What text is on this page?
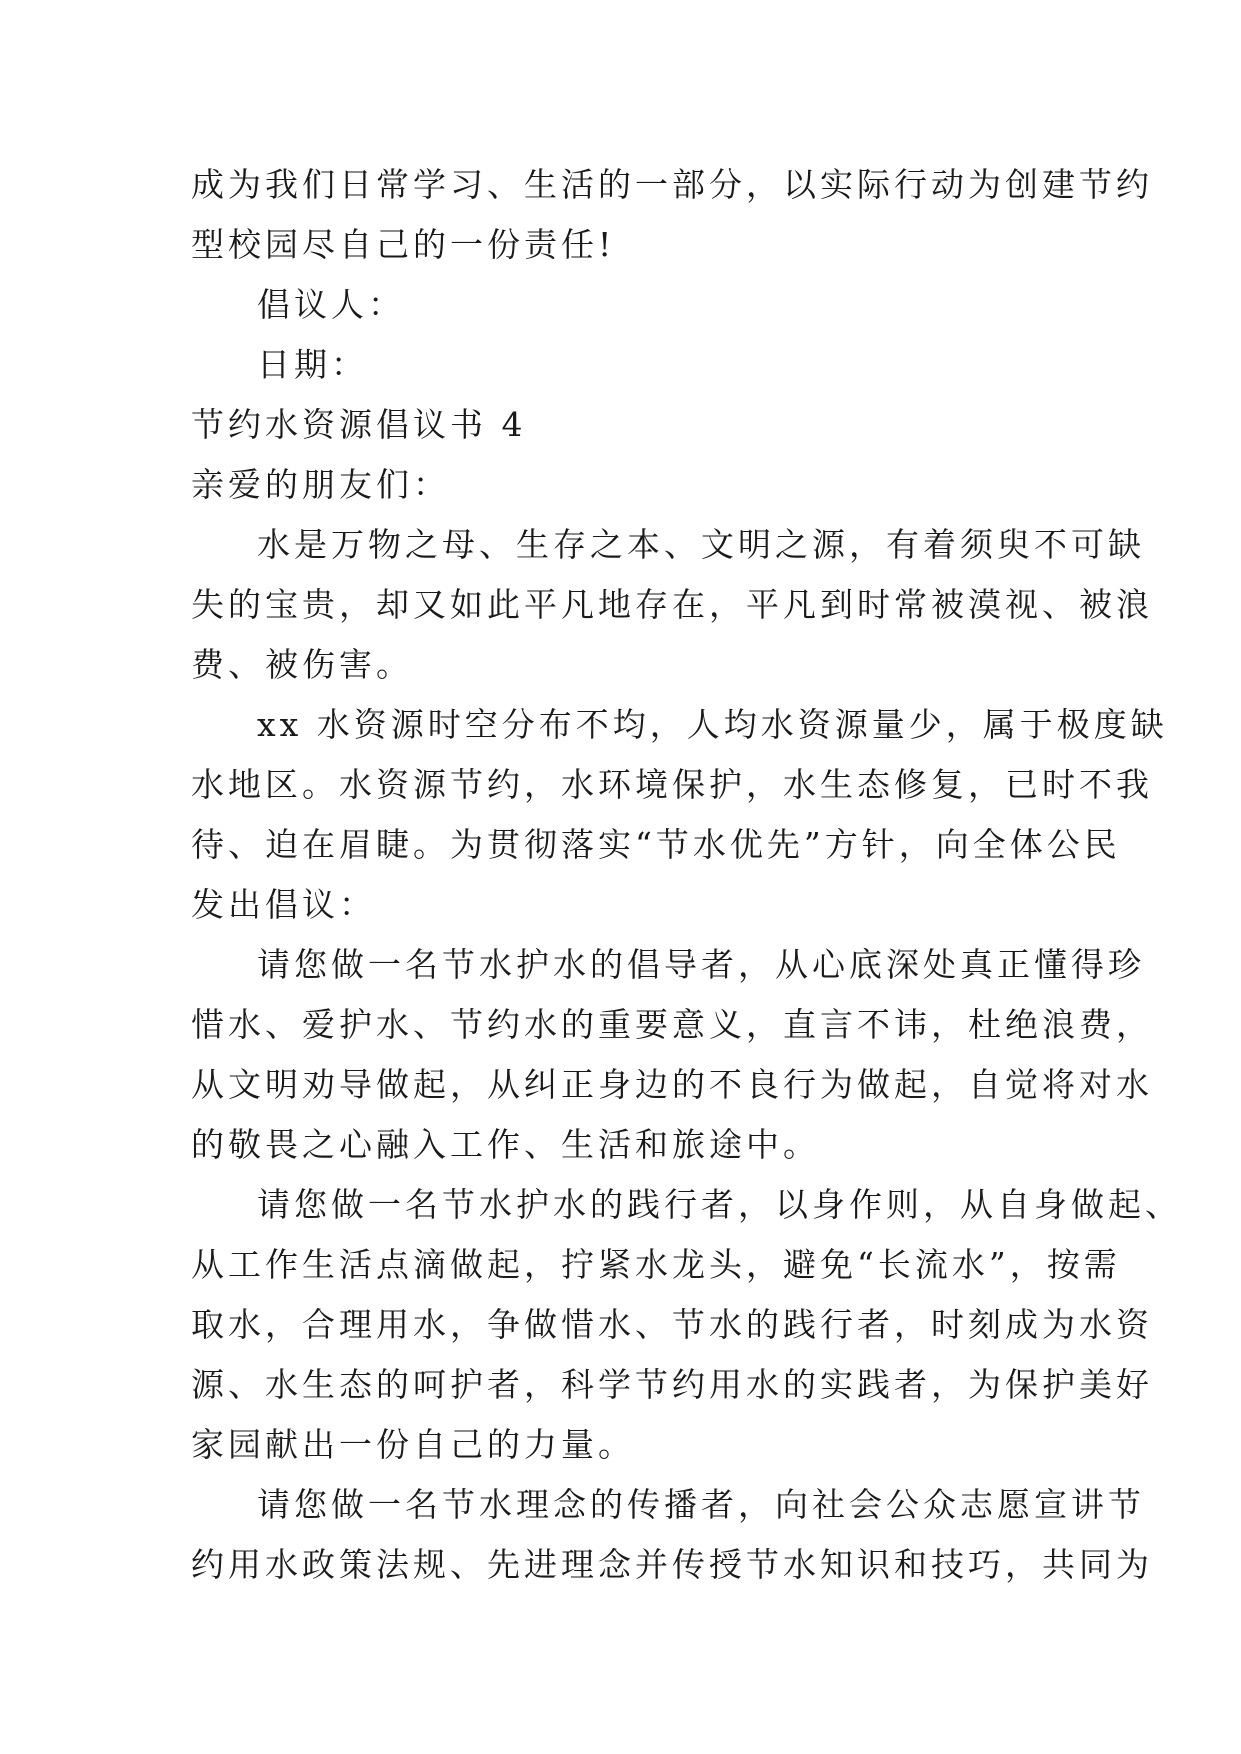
成为我们日常学习、生活的一部分，以实际行动为创建节约

型校园尽自己的一份责任!

倡议人：

日期：

节约水资源倡议书 4

亲爱的朋友们：

水是万物之母、生存之本、文明之源，有着须臾不可缺

失的宝贵，却又如此平凡地存在，平凡到时常被漠视、被浪

费、被伤害。

xx 水资源时空分布不均，人均水资源量少，属于极度缺

水地区。水资源节约，水环境保护，水生态修复，已时不我

待、迫在眉睫。为贯彻落实“节水优先”方针，向全体公民

发出倡议：

请您做一名节水护水的倡导者，从心底深处真正懂得珍

惜水、爱护水、节约水的重要意义，直言不讳，杜绝浪费，

从文明劝导做起，从纠正身边的不良行为做起，自觉将对水

的敬畏之心融入工作、生活和旅途中。

请您做一名节水护水的践行者，以身作则，从自身做起、

从工作生活点滴做起，拧紧水龙头，避免“长流水”，按需

取水，合理用水，争做惜水、节水的践行者，时刻成为水资

源、水生态的呵护者，科学节约用水的实践者，为保护美好

家园献出一份自己的力量。

请您做一名节水理念的传播者，向社会公众志愿宣讲节

约用水政策法规、先进理念并传授节水知识和技巧，共同为
